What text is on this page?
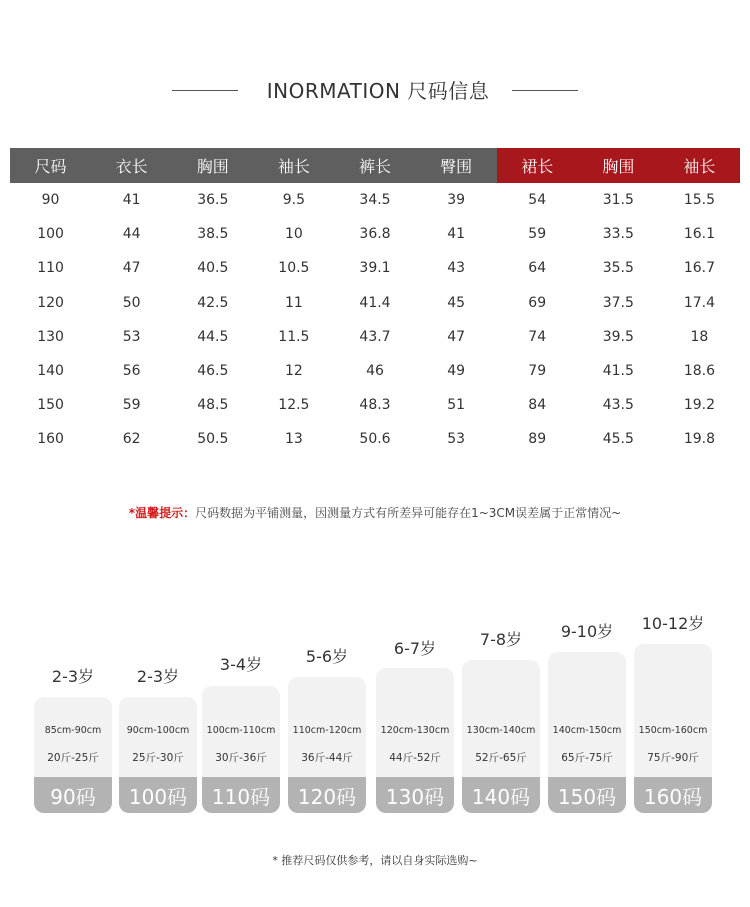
INORMATION 尺码信息
尺码	衣长	胸围	袖长	裤长	臀围	裙长	胸围	袖长
90	41	36.5	9.5	34.5	39	54	31.5	15.5
100	44	38.5	10	36.8	41	59	33.5	16.1
110	47	40.5	10.5	39.1	43	64	35.5	16.7
120	50	42.5	11	41.4	45	69	37.5	17.4
130	53	44.5	11.5	43.7	47	74	39.5	18
140	56	46.5	12	46	49	79	41.5	18.6
150	59	48.5	12.5	48.3	51	84	43.5	19.2
160	62	50.5	13	50.6	53	89	45.5	19.8
*温馨提示：尺码数据为平铺测量，因测量方式有所差异可能存在1~3CM误差属于正常情况~
2-3岁
85cm-90cm
20斤-25斤
90码
2-3岁
90cm-100cm
25斤-30斤
100码
3-4岁
100cm-110cm
30斤-36斤
110码
5-6岁
110cm-120cm
36斤-44斤
120码
6-7岁
120cm-130cm
44斤-52斤
130码
7-8岁
130cm-140cm
52斤-65斤
140码
9-10岁
140cm-150cm
65斤-75斤
150码
10-12岁
150cm-160cm
75斤-90斤
160码
* 推荐尺码仅供参考，请以自身实际选购~
